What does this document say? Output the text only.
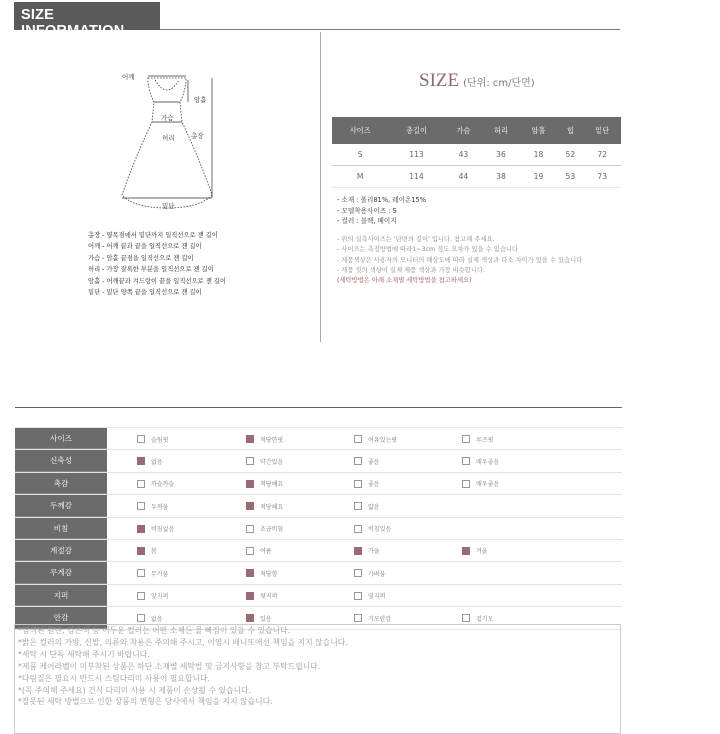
SIZE INFORMATION
어깨
암홀
가슴
허리	총장
밑단
총장 - 옆목점에서 밑단까지 일직선으로 잰 길이
어깨 - 어깨 끝과 끝을 일직선으로 잰 길이
가슴 - 암홀 끝점을 일직선으로 잰 길이
허리 - 가장 잘록한 부분을 일직선으로 잰 길이
암홀 - 어깨끝과 겨드랑이 끝을 일직선으로 잰 길이
밑단 - 밑단 양쪽 끝을 일직선으로 잰 길이
SIZE (단위: cm/단면)
사이즈	총길이	가슴	허리	암홀	힙	밑단
S	113	43	36	18	52	72
M	114	44	38	19	53	73
- 소재 : 폴리81%, 레이온15%
- 모델착용사이즈 : S
- 컬러 : 블랙, 베이지
- 위의 실측사이즈는 '단면의 길이' 입니다. 참고해 주세요.
- 사이즈는 측정방법에 따라1~3cm 정도 오차가 있을 수 있습니다
- 제품색상은 사용자의 모니터의 해상도에 따라 실제 색상과 다소 차이가 있을 수 있습니다
- 제품 컷의 색상이 실제 제품 색상과 가장 비슷합니다.
(세탁방법은 아래 소재별 세탁방법을 참고하세요)
사이즈	슬림핏	적당한핏	여유있는핏	루즈핏
신축성	없음	약간있음	좋음	매우좋음
촉감	까슬까슬	적당해요	좋음	매우좋음
두께감	두꺼움	적당해요	얇음
비침	비침없음	조금비침	비침있음
계절감	봄	여름	가을	겨울
무게감	무거움	적당함	가벼움
지퍼	앞지퍼	뒷지퍼	옆지퍼
안감	없음	있음	기모안감	겉기모
*염색된 원단, 검은색 등 어두운 컬러는 어떤 소재든 물 빠짐이 있을 수 있습니다.
*밝은 컬러의 가방, 신발, 의류와 착용은 주의해 주시고, 이염시 배니또에선 책임을 지지 않습니다.
*세탁 시 단독 세탁해 주시기 바랍니다.
*제품 케어라벨이 미부착된 상품은 하단 소재별 세탁법 및 금지사항을 참고 부탁드립니다.
*다림질은 필요시 반드시 스팀다리미 사용이 필요합니다.
*(꼭 주의해 주세요) 건식 다리미 사용 시 제품이 손상될 수 있습니다.
*잘못된 세탁 방법으로 인한 상품의 변형은 당사에서 책임을 지지 않습니다.
